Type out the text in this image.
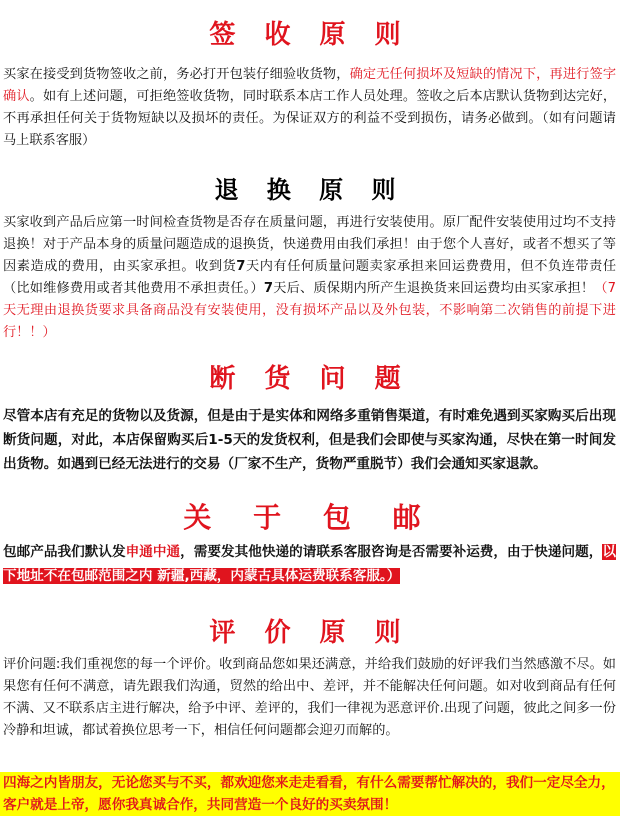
签 收 原 则

买家在接受到货物签收之前，务必打开包装仔细验收货物，确定无任何损坏及短缺的情况下，再进行签字确认。如有上述问题，可拒绝签收货物，同时联系本店工作人员处理。签收之后本店默认货物到达完好，不再承担任何关于货物短缺以及损坏的责任。为保证双方的利益不受到损伤，请务必做到。（如有问题请马上联系客服）

退 换 原 则

买家收到产品后应第一时间检查货物是否存在质量问题，再进行安装使用。原厂配件安装使用过均不支持退换！对于产品本身的质量问题造成的退换货，快递费用由我们承担！由于您个人喜好，或者不想买了等因素造成的费用，由买家承担。收到货7天内有任何质量问题卖家承担来回运费费用，但不负连带责任（比如维修费用或者其他费用不承担责任。）7天后、质保期内所产生退换货来回运费均由买家承担！（7天无理由退换货要求具备商品没有安装使用，没有损坏产品以及外包装，不影响第二次销售的前提下进行！！）

断 货 问 题

尽管本店有充足的货物以及货源，但是由于是实体和网络多重销售渠道，有时难免遇到买家购买后出现断货问题，对此，本店保留购买后1-5天的发货权利，但是我们会即使与买家沟通，尽快在第一时间发出货物。如遇到已经无法进行的交易（厂家不生产，货物严重脱节）我们会通知买家退款。

关 于 包 邮

包邮产品我们默认发申通中通，需要发其他快递的请联系客服咨询是否需要补运费，由于快递问题，以下地址不在包邮范围之内 新疆,西藏，内蒙古具体运费联系客服。）

评 价 原 则

评价问题:我们重视您的每一个评价。收到商品您如果还满意，并给我们鼓励的好评我们当然感激不尽。如果您有任何不满意，请先跟我们沟通，贸然的给出中、差评，并不能解决任何问题。如对收到商品有任何不满、又不联系店主进行解决，给予中评、差评的，我们一律视为恶意评价.出现了问题，彼此之间多一份冷静和坦诚，都试着换位思考一下，相信任何问题都会迎刃而解的。

四海之内皆朋友，无论您买与不买，都欢迎您来走走看看，有什么需要帮忙解决的，我们一定尽全力，客户就是上帝，愿你我真诚合作，共同营造一个良好的买卖氛围！
